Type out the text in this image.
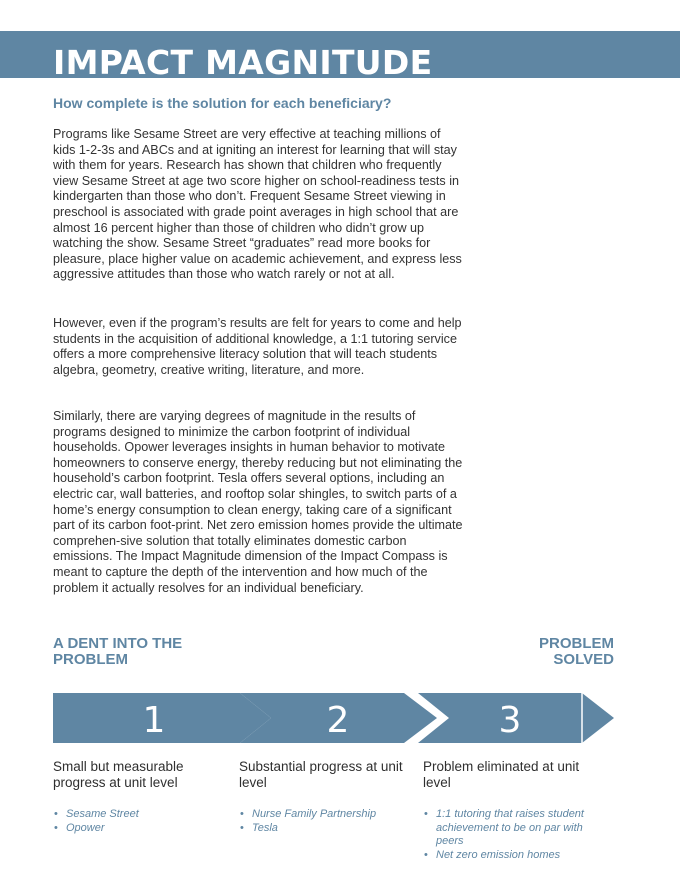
IMPACT MAGNITUDE
How complete is the solution for each beneficiary?

Programs like Sesame Street are very effective at teaching millions of kids 1-2-3s and ABCs and at igniting an interest for learning that will stay with them for years. Research has shown that children who frequently view Sesame Street at age two score higher on school-readiness tests in kindergarten than those who don’t. Frequent Sesame Street viewing in preschool is associated with grade point averages in high school that are almost 16 percent higher than those of children who didn’t grow up watching the show. Sesame Street “graduates” read more books for pleasure, place higher value on academic achievement, and express less aggressive attitudes than those who watch rarely or not at all.

However, even if the program’s results are felt for years to come and help students in the acquisition of additional knowledge, a 1:1 tutoring service offers a more comprehensive literacy solution that will teach students algebra, geometry, creative writing, literature, and more.

Similarly, there are varying degrees of magnitude in the results of programs designed to minimize the carbon footprint of individual households. Opower leverages insights in human behavior to motivate homeowners to conserve energy, thereby reducing but not eliminating the household’s carbon footprint. Tesla offers several options, including an electric car, wall batteries, and rooftop solar shingles, to switch parts of a home’s energy consumption to clean energy, taking care of a significant part of its carbon foot-print. Net zero emission homes provide the ultimate comprehen-sive solution that totally eliminates domestic carbon emissions. The Impact Magnitude dimension of the Impact Compass is meant to capture the depth of the intervention and how much of the problem it actually resolves for an individual beneficiary.

A DENT INTO THE PROBLEM
PROBLEM SOLVED
1	2	3

Small but measurable progress at unit level

• Sesame Street
• Opower

Substantial progress at unit level

• Nurse Family Partnership
• Tesla

Problem eliminated at unit level

• 1:1 tutoring that raises student achievement to be on par with peers
• Net zero emission homes
